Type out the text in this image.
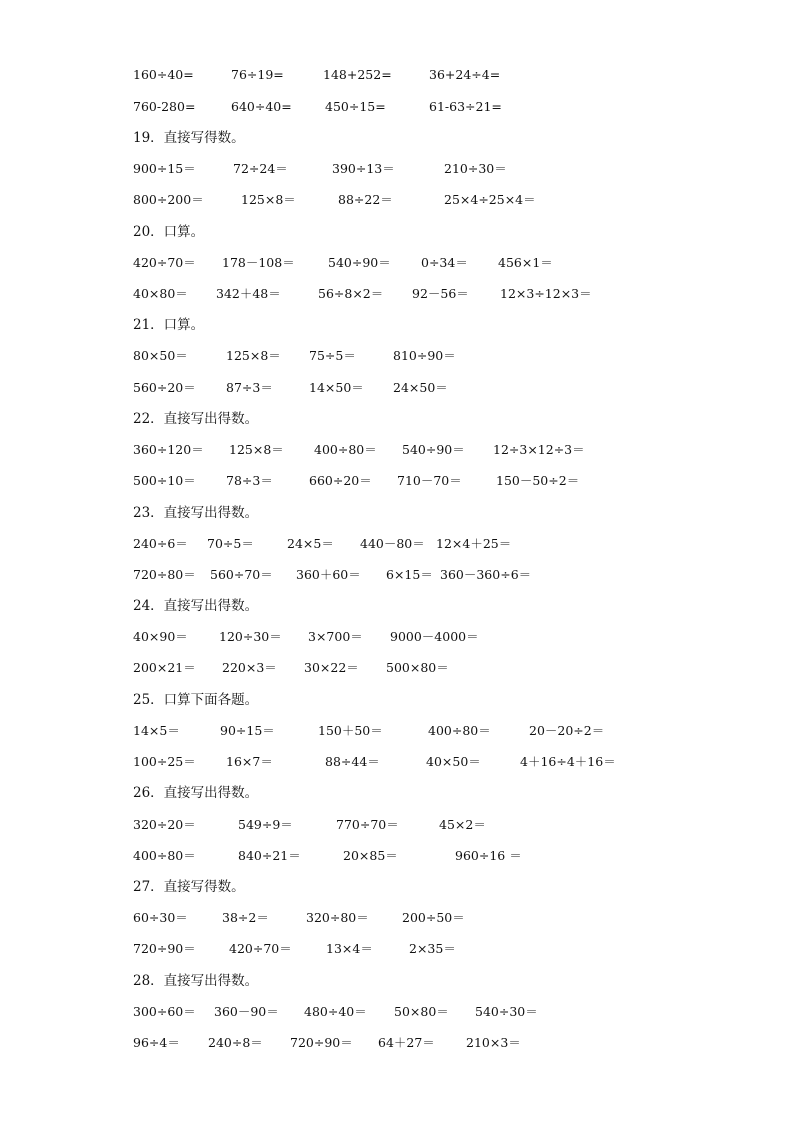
160÷40=	76÷19=	148+252=	36+24÷4=
760-280=	640÷40=	450÷15=	61-63÷21=
19．直接写得数。
900÷15＝	72÷24＝	390÷13＝	210÷30＝
800÷200＝	125×8＝	88÷22＝	25×4÷25×4＝
20．口算。
420÷70＝ 178－108＝	540÷90＝ 0÷34＝ 456×1＝
40×80＝ 342＋48＝	56÷8×2＝ 92－56＝ 12×3÷12×3＝
21．口算。
80×50＝	125×8＝ 75÷5＝	810÷90＝
560÷20＝ 87÷3＝	14×50＝ 24×50＝
22．直接写出得数。
360÷120＝ 125×8＝ 400÷80＝ 540÷90＝ 12÷3×12÷3＝
500÷10＝ 78÷3＝	660÷20＝ 710－70＝	150－50÷2＝
23．直接写出得数。
240÷6＝ 70÷5＝	24×5＝ 440－80＝ 12×4＋25＝
720÷80＝ 560÷70＝ 360＋60＝ 6×15＝ 360－360÷6＝
24．直接写出得数。
40×90＝ 120÷30＝ 3×700＝ 9000－4000＝
200×21＝ 220×3＝ 30×22＝ 500×80＝
25．口算下面各题。
14×5＝	90÷15＝	150＋50＝	400÷80＝	20－20÷2＝
100÷25＝ 16×7＝	88÷44＝	40×50＝	4＋16÷4＋16＝
26．直接写出得数。
320÷20＝	549÷9＝	770÷70＝	45×2＝
400÷80＝	840÷21＝	20×85＝	960÷16 ＝
27．直接写得数。
60÷30＝	38÷2＝	320÷80＝	200÷50＝
720÷90＝	420÷70＝	13×4＝	2×35＝
28．直接写出得数。
300÷60＝ 360－90＝ 480÷40＝ 50×80＝ 540÷30＝
96÷4＝ 240÷8＝ 720÷90＝ 64＋27＝ 210×3＝
